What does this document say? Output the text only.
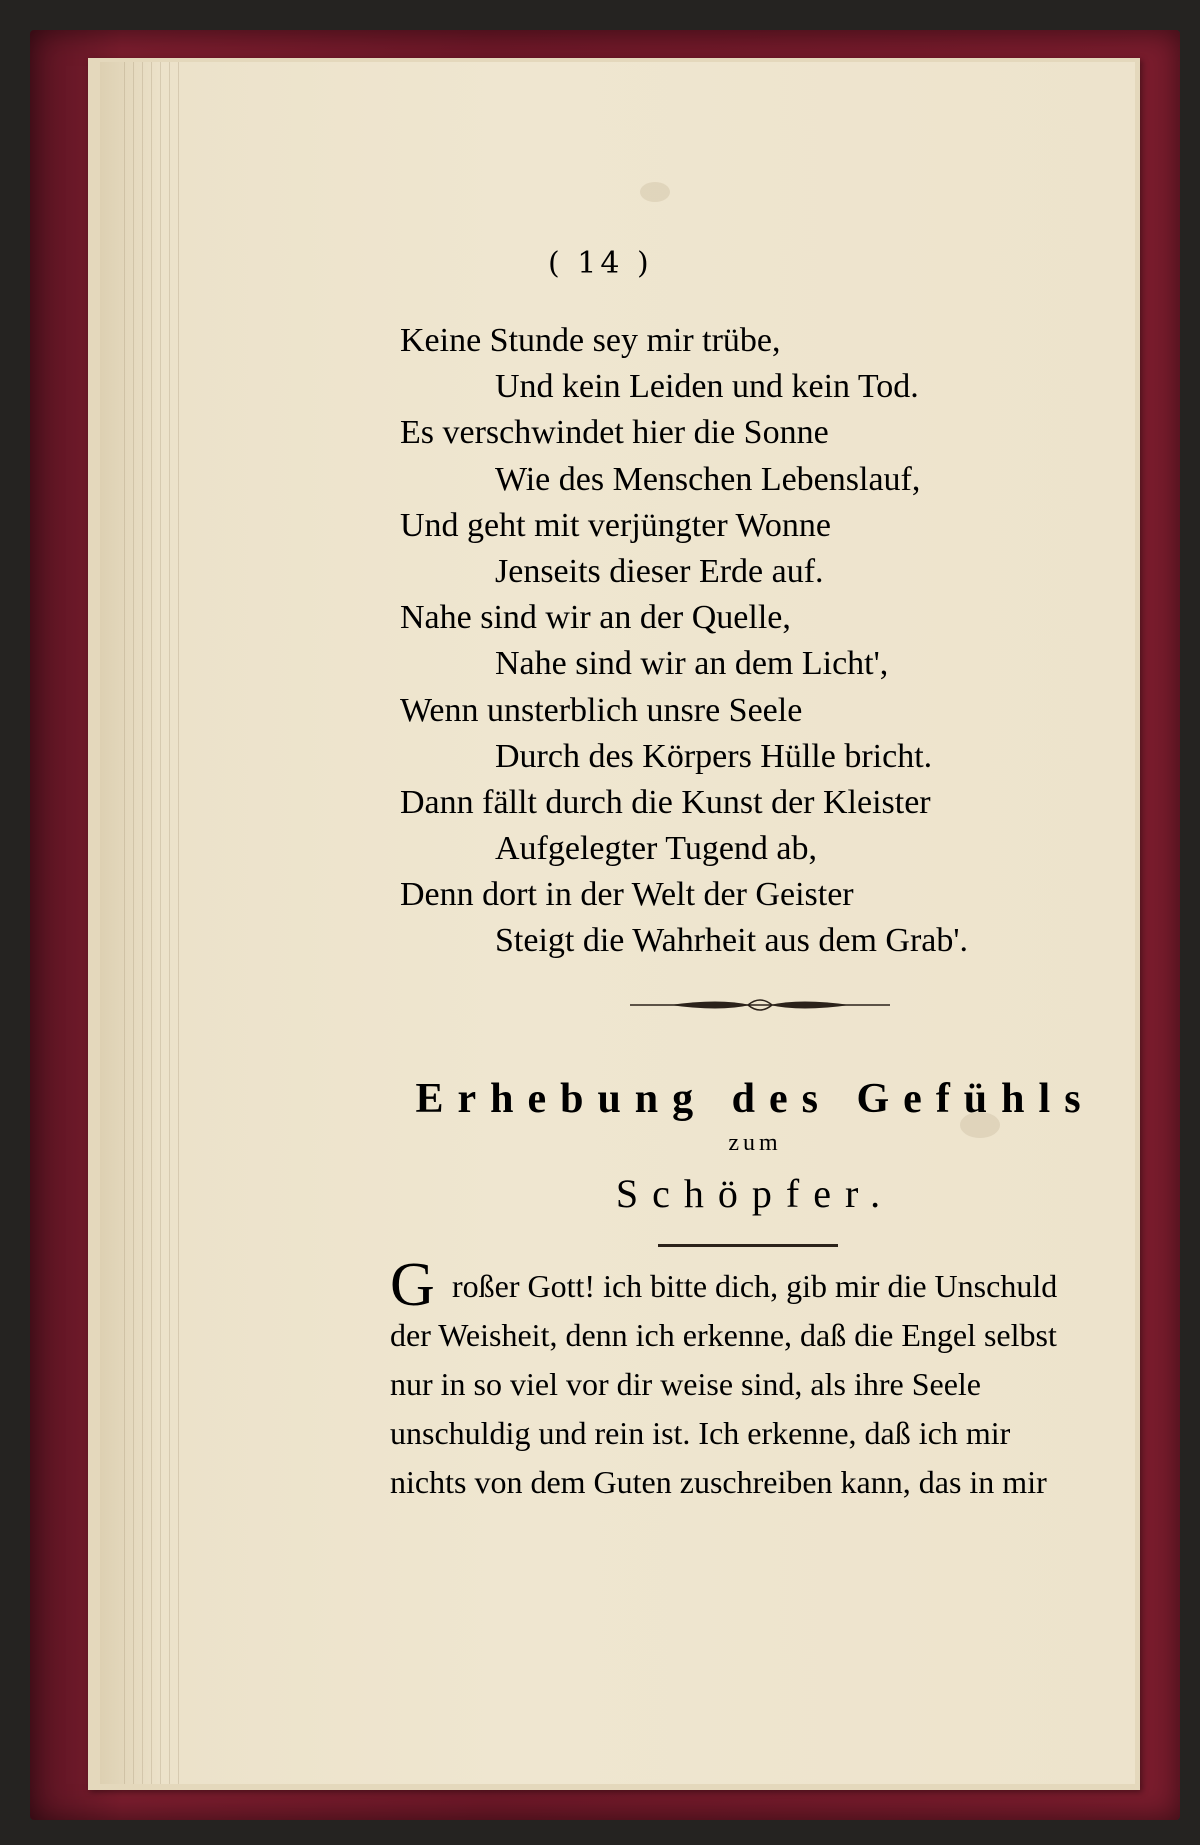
( 14 )
Keine Stunde sey mir trübe,
Und kein Leiden und kein Tod.
Es verschwindet hier die Sonne
Wie des Menschen Lebenslauf,
Und geht mit verjüngter Wonne
Jenseits dieser Erde auf.
Nahe sind wir an der Quelle,
Nahe sind wir an dem Licht',
Wenn unsterblich unsre Seele
Durch des Körpers Hülle bricht.
Dann fällt durch die Kunst der Kleister
Aufgelegter Tugend ab,
Denn dort in der Welt der Geister
Steigt die Wahrheit aus dem Grab'.
Erhebung des Gefühls
zum
Schöpfer.
G roßer Gott! ich bitte dich, gib mir die Unschuld
der Weisheit, denn ich erkenne, daß die Engel selbst
nur in so viel vor dir weise sind, als ihre Seele
unschuldig und rein ist. Ich erkenne, daß ich mir
nichts von dem Guten zuschreiben kann, das in mir
